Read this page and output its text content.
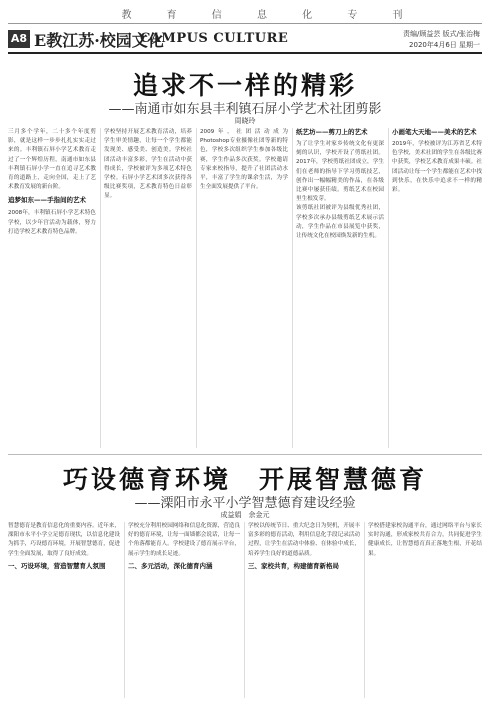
教 育 信 息 化 专 刊
A8 E教江苏·校园文化
CAMPUS CULTURE	责编/顾益芸 版式/张治梅
2020年4月6日 星期一
追求不一样的精彩
——南通市如东县丰利镇石屏小学艺术社团剪影
周晓玲
三月多个学年，二十多个年度剪影，就是这样一步步扎扎实实走过来的。丰利镇石屏小学艺术教育走过了一个辉煌历程，南通市如东县丰利镇石屏小学一直在追寻艺术教育的道路上，走向全国，走上了艺术教育发展的新台阶。
追梦如东——手指间的艺术
2008年，丰利镇石屏小学艺术特色学校，以少年宫活动为载体，努力打造学校艺术教育特色品牌。
学校坚持开展艺术教育活动，培养学生审美情趣，让每一个学生都能发现美、感受美、创造美。学校社团活动丰富多彩，学生在活动中获得成长，学校被评为多项艺术特色学校。石屏小学艺术团多次获得各级比赛奖项，艺术教育特色日益彰显。
2009年，社团活动成为Photoshop专业摄像社团等新的特色，学校多次组织学生参加各级比赛，学生作品多次获奖。学校邀请专家来校指导，提升了社团活动水平，丰富了学生的课余生活，为学生全面发展提供了平台。
纸艺坊——剪刀上的艺术
为了让学生对家乡传统文化有更深刻的认识，学校开设了剪纸社团。2017年，学校剪纸社团成立，学生们在老师的指导下学习剪纸技艺，创作出一幅幅精美的作品，在各级比赛中屡获佳绩。剪纸艺术在校园里生根发芽。
该剪纸社团被评为县级优秀社团，学校多次承办县级剪纸艺术展示活动，学生作品在市县展览中获奖，让传统文化在校园焕发新的生机。
小画笔大天地——美术的艺术
2019年，学校被评为江苏省艺术特色学校，美术社团的学生在各级比赛中获奖，学校艺术教育成果丰硕。社团活动让每一个学生都能在艺术中找到快乐，在快乐中追求不一样的精彩。
巧设德育环境　开展智慧德育
——溧阳市永平小学智慧德育建设经验
成益娟　余金元
智慧德育是教育信息化的重要内容。近年来，溧阳市永平小学立足德育现状，以信息化建设为抓手，巧设德育环境，开展智慧德育，促进学生全面发展，取得了良好成效。
一、巧设环境，营造智慧育人氛围
学校充分利用校园网络和信息化资源，营造良好的德育环境，让每一面墙都会说话，让每一个角落都能育人。学校建设了德育展示平台，展示学生的成长足迹。
二、多元活动，深化德育内涵
学校以传统节日、重大纪念日为契机，开展丰富多彩的德育活动，利用信息化手段记录活动过程，让学生在活动中体验、在体验中成长，培养学生良好的道德品质。
三、家校共育，构建德育新格局
学校搭建家校沟通平台，通过网络平台与家长实时沟通，形成家校共育合力，共同促进学生健康成长，让智慧德育真正落地生根，开花结果。
